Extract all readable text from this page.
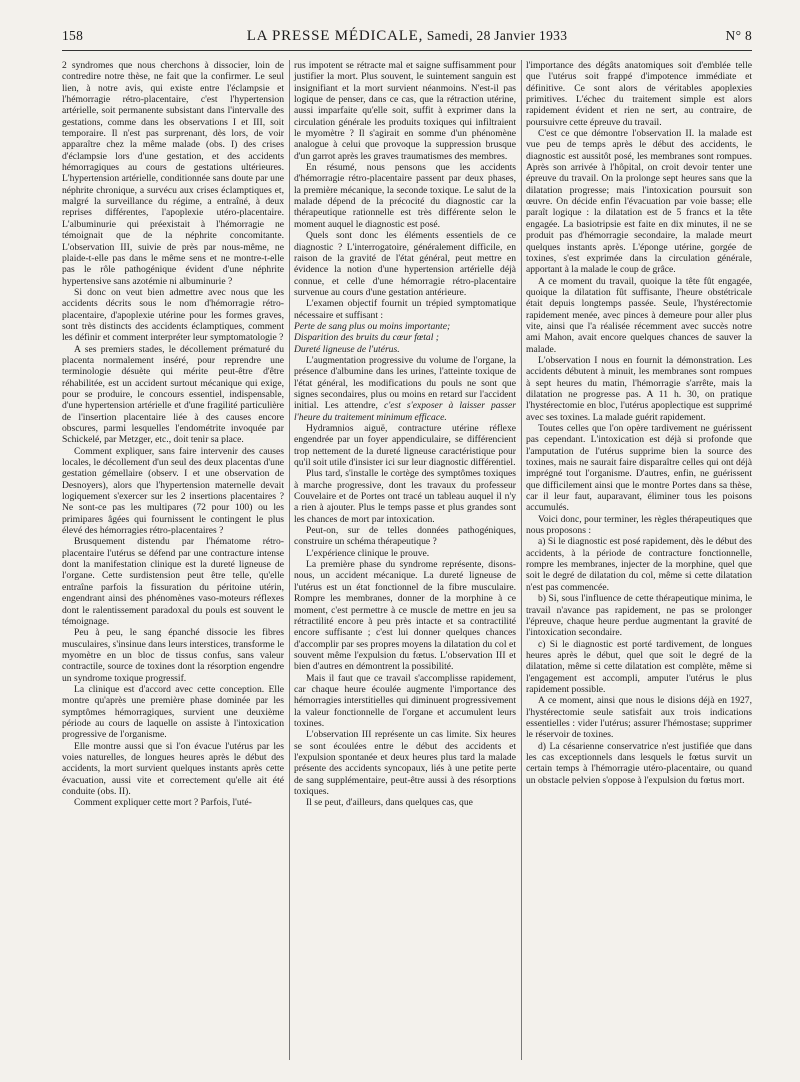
158	LA PRESSE MÉDICALE, Samedi, 28 Janvier 1933	N° 8

2 syndromes que nous cherchons à dissocier, loin de contredire notre thèse, ne fait que la confirmer. Le seul lien, à notre avis, qui existe entre l'éclampsie et l'hémorragie rétro-placentaire, c'est l'hypertension artérielle, soit permanente subsistant dans l'intervalle des gestations, comme dans les observations I et III, soit temporaire. Il n'est pas surprenant, dès lors, de voir apparaître chez la même malade (obs. I) des crises d'éclampsie lors d'une gestation, et des accidents hémorragiques au cours de gestations ultérieures. L'hypertension artérielle, conditionnée sans doute par une néphrite chronique, a survécu aux crises éclamptiques et, malgré la surveillance du régime, a entraîné, à deux reprises différentes, l'apoplexie utéro-placentaire. L'albuminurie qui préexistait à l'hémorragie ne témoignait que de la néphrite concomitante. L'observation III, suivie de près par nous-même, ne plaide-t-elle pas dans le même sens et ne montre-t-elle pas le rôle pathogénique évident d'une néphrite hypertensive sans azotémie ni albuminurie ?

Si donc on veut bien admettre avec nous que les accidents décrits sous le nom d'hémorragie rétro-placentaire, d'apoplexie utérine pour les formes graves, sont très distincts des accidents éclamptiques, comment les définir et comment interpréter leur symptomatologie ?

A ses premiers stades, le décollement prématuré du placenta normalement inséré, pour reprendre une terminologie désuète qui mérite peut-être d'être réhabilitée, est un accident surtout mécanique qui exige, pour se produire, le concours essentiel, indispensable, d'une hypertension artérielle et d'une fragilité particulière de l'insertion placentaire liée à des causes encore obscures, parmi lesquelles l'endométrite invoquée par Schickelé, par Metzger, etc., doit tenir sa place.

Comment expliquer, sans faire intervenir des causes locales, le décollement d'un seul des deux placentas d'une gestation gémellaire (observ. I et une observation de Desnoyers), alors que l'hypertension maternelle devait logiquement s'exercer sur les 2 insertions placentaires ? Ne sont-ce pas les multipares (72 pour 100) ou les primipares âgées qui fournissent le contingent le plus élevé des hémorragies rétro-placentaires ?

Brusquement distendu par l'hématome rétro-placentaire l'utérus se défend par une contracture intense dont la manifestation clinique est la dureté ligneuse de l'organe. Cette surdistension peut être telle, qu'elle entraîne parfois la fissuration du péritoine utérin, engendrant ainsi des phénomènes vaso-moteurs réflexes dont le ralentissement paradoxal du pouls est souvent le témoignage.

Peu à peu, le sang épanché dissocie les fibres musculaires, s'insinue dans leurs interstices, transforme le myomètre en un bloc de tissus confus, sans valeur contractile, source de toxines dont la résorption engendre un syndrome toxique progressif.

La clinique est d'accord avec cette conception. Elle montre qu'après une première phase dominée par les symptômes hémorragiques, survient une deuxième période au cours de laquelle on assiste à l'intoxication progressive de l'organisme.

Elle montre aussi que si l'on évacue l'utérus par les voies naturelles, de longues heures après le début des accidents, la mort survient quelques instants après cette évacuation, aussi vite et correctement qu'elle ait été conduite (obs. II).

Comment expliquer cette mort ? Parfois, l'uté-

rus impotent se rétracte mal et saigne suffisamment pour justifier la mort. Plus souvent, le suintement sanguin est insignifiant et la mort survient néanmoins. N'est-il pas logique de penser, dans ce cas, que la rétraction utérine, aussi imparfaite qu'elle soit, suffit à exprimer dans la circulation générale les produits toxiques qui infiltraient le myomètre ? Il s'agirait en somme d'un phénomène analogue à celui que provoque la suppression brusque d'un garrot après les graves traumatismes des membres.

En résumé, nous pensons que les accidents d'hémorragie rétro-placentaire passent par deux phases, la première mécanique, la seconde toxique. Le salut de la malade dépend de la précocité du diagnostic car la thérapeutique rationnelle est très différente selon le moment auquel le diagnostic est posé.

Quels sont donc les éléments essentiels de ce diagnostic ? L'interrogatoire, généralement difficile, en raison de la gravité de l'état général, peut mettre en évidence la notion d'une hypertension artérielle déjà connue, et celle d'une hémorragie rétro-placentaire survenue au cours d'une gestation antérieure.

L'examen objectif fournit un trépied symptomatique nécessaire et suffisant :

Perte de sang plus ou moins importante;

Disparition des bruits du cœur fœtal ;

Dureté ligneuse de l'utérus.

L'augmentation progressive du volume de l'organe, la présence d'albumine dans les urines, l'atteinte toxique de l'état général, les modifications du pouls ne sont que signes secondaires, plus ou moins en retard sur l'accident initial. Les attendre, c'est s'exposer à laisser passer l'heure du traitement minimum efficace.

Hydramnios aiguë, contracture utérine réflexe engendrée par un foyer appendiculaire, se différencient trop nettement de la dureté ligneuse caractéristique pour qu'il soit utile d'insister ici sur leur diagnostic différentiel.

Plus tard, s'installe le cortège des symptômes toxiques à marche progressive, dont les travaux du professeur Couvelaire et de Portes ont tracé un tableau auquel il n'y a rien à ajouter. Plus le temps passe et plus grandes sont les chances de mort par intoxication.

Peut-on, sur de telles données pathogéniques, construire un schéma thérapeutique ?

L'expérience clinique le prouve.

La première phase du syndrome représente, disons-nous, un accident mécanique. La dureté ligneuse de l'utérus est un état fonctionnel de la fibre musculaire. Rompre les membranes, donner de la morphine à ce moment, c'est permettre à ce muscle de mettre en jeu sa rétractilité encore à peu près intacte et sa contractilité encore suffisante ; c'est lui donner quelques chances d'accomplir par ses propres moyens la dilatation du col et souvent même l'expulsion du fœtus. L'observation III et bien d'autres en démontrent la possibilité.

Mais il faut que ce travail s'accomplisse rapidement, car chaque heure écoulée augmente l'importance des hémorragies interstitielles qui diminuent progressivement la valeur fonctionnelle de l'organe et accumulent leurs toxines.

L'observation III représente un cas limite. Six heures se sont écoulées entre le début des accidents et l'expulsion spontanée et deux heures plus tard la malade présente des accidents syncopaux, liés à une petite perte de sang supplémentaire, peut-être aussi à des résorptions toxiques.

Il se peut, d'ailleurs, dans quelques cas, que

l'importance des dégâts anatomiques soit d'emblée telle que l'utérus soit frappé d'impotence immédiate et définitive. Ce sont alors de véritables apoplexies primitives. L'échec du traitement simple est alors rapidement évident et rien ne sert, au contraire, de poursuivre cette épreuve du travail.

C'est ce que démontre l'observation II. la malade est vue peu de temps après le début des accidents, le diagnostic est aussitôt posé, les membranes sont rompues. Après son arrivée à l'hôpital, on croit devoir tenter une épreuve du travail. On la prolonge sept heures sans que la dilatation progresse; mais l'intoxication poursuit son œuvre. On décide enfin l'évacuation par voie basse; elle paraît logique : la dilatation est de 5 francs et la tête engagée. La basiotripsie est faite en dix minutes, il ne se produit pas d'hémorragie secondaire, la malade meurt quelques instants après. L'éponge utérine, gorgée de toxines, s'est exprimée dans la circulation générale, apportant à la malade le coup de grâce.

A ce moment du travail, quoique la tête fût engagée, quoique la dilatation fût suffisante, l'heure obstétricale était depuis longtemps passée. Seule, l'hystérectomie rapidement menée, avec pinces à demeure pour aller plus vite, ainsi que l'a réalisée récemment avec succès notre ami Mahon, avait encore quelques chances de sauver la malade.

L'observation I nous en fournit la démonstration. Les accidents débutent à minuit, les membranes sont rompues à sept heures du matin, l'hémorragie s'arrête, mais la dilatation ne progresse pas. A 11 h. 30, on pratique l'hystérectomie en bloc, l'utérus apoplectique est supprimé avec ses toxines. La malade guérit rapidement.

Toutes celles que l'on opère tardivement ne guérissent pas cependant. L'intoxication est déjà si profonde que l'amputation de l'utérus supprime bien la source des toxines, mais ne saurait faire disparaître celles qui ont déjà imprégné tout l'organisme. D'autres, enfin, ne guérissent que difficilement ainsi que le montre Portes dans sa thèse, car il leur faut, auparavant, éliminer tous les poisons accumulés.

Voici donc, pour terminer, les règles thérapeutiques que nous proposons :

a) Si le diagnostic est posé rapidement, dès le début des accidents, à la période de contracture fonctionnelle, rompre les membranes, injecter de la morphine, quel que soit le degré de dilatation du col, même si cette dilatation n'est pas commencée.

b) Si, sous l'influence de cette thérapeutique minima, le travail n'avance pas rapidement, ne pas se prolonger l'épreuve, chaque heure perdue augmentant la gravité de l'intoxication secondaire.

c) Si le diagnostic est porté tardivement, de longues heures après le début, quel que soit le degré de la dilatation, même si cette dilatation est complète, même si l'engagement est accompli, amputer l'utérus le plus rapidement possible.

A ce moment, ainsi que nous le disions déjà en 1927, l'hystérectomie seule satisfait aux trois indications essentielles : vider l'utérus; assurer l'hémostase; supprimer le réservoir de toxines.

d) La césarienne conservatrice n'est justifiée que dans les cas exceptionnels dans lesquels le fœtus survit un certain temps à l'hémorragie utéro-placentaire, ou quand un obstacle pelvien s'oppose à l'expulsion du fœtus mort.
